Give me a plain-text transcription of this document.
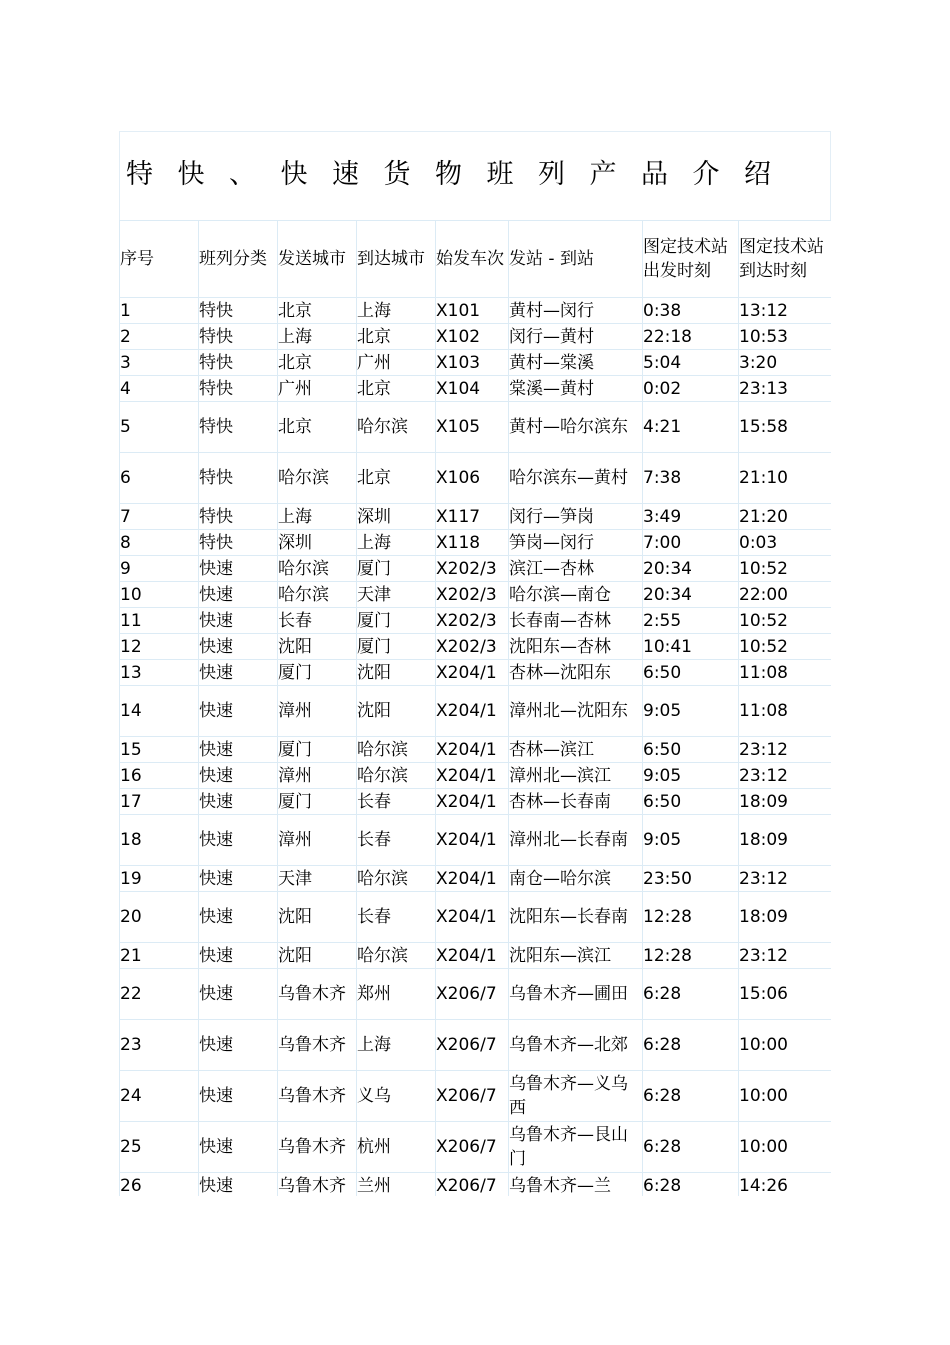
特快、快速货物班列产品介绍
序号	班列分类	发送城市	到达城市	始发车次	发站 - 到站	图定技术站出发时刻	图定技术站到达时刻
1	特快	北京	上海	X101	黄村—闵行	0:38	13:12
2	特快	上海	北京	X102	闵行—黄村	22:18	10:53
3	特快	北京	广州	X103	黄村—棠溪	5:04	3:20
4	特快	广州	北京	X104	棠溪—黄村	0:02	23:13
5	特快	北京	哈尔滨	X105	黄村—哈尔滨东	4:21	15:58
6	特快	哈尔滨	北京	X106	哈尔滨东—黄村	7:38	21:10
7	特快	上海	深圳	X117	闵行—笋岗	3:49	21:20
8	特快	深圳	上海	X118	笋岗—闵行	7:00	0:03
9	快速	哈尔滨	厦门	X202/3	滨江—杏林	20:34	10:52
10	快速	哈尔滨	天津	X202/3	哈尔滨—南仓	20:34	22:00
11	快速	长春	厦门	X202/3	长春南—杏林	2:55	10:52
12	快速	沈阳	厦门	X202/3	沈阳东—杏林	10:41	10:52
13	快速	厦门	沈阳	X204/1	杏林—沈阳东	6:50	11:08
14	快速	漳州	沈阳	X204/1	漳州北—沈阳东	9:05	11:08
15	快速	厦门	哈尔滨	X204/1	杏林—滨江	6:50	23:12
16	快速	漳州	哈尔滨	X204/1	漳州北—滨江	9:05	23:12
17	快速	厦门	长春	X204/1	杏林—长春南	6:50	18:09
18	快速	漳州	长春	X204/1	漳州北—长春南	9:05	18:09
19	快速	天津	哈尔滨	X204/1	南仓—哈尔滨	23:50	23:12
20	快速	沈阳	长春	X204/1	沈阳东—长春南	12:28	18:09
21	快速	沈阳	哈尔滨	X204/1	沈阳东—滨江	12:28	23:12
22	快速	乌鲁木齐	郑州	X206/7	乌鲁木齐—圃田	6:28	15:06
23	快速	乌鲁木齐	上海	X206/7	乌鲁木齐—北郊	6:28	10:00
24	快速	乌鲁木齐	义乌	X206/7	乌鲁木齐—义乌西	6:28	10:00
25	快速	乌鲁木齐	杭州	X206/7	乌鲁木齐—艮山门	6:28	10:00
26	快速	乌鲁木齐	兰州	X206/7	乌鲁木齐—兰	6:28	14:26
